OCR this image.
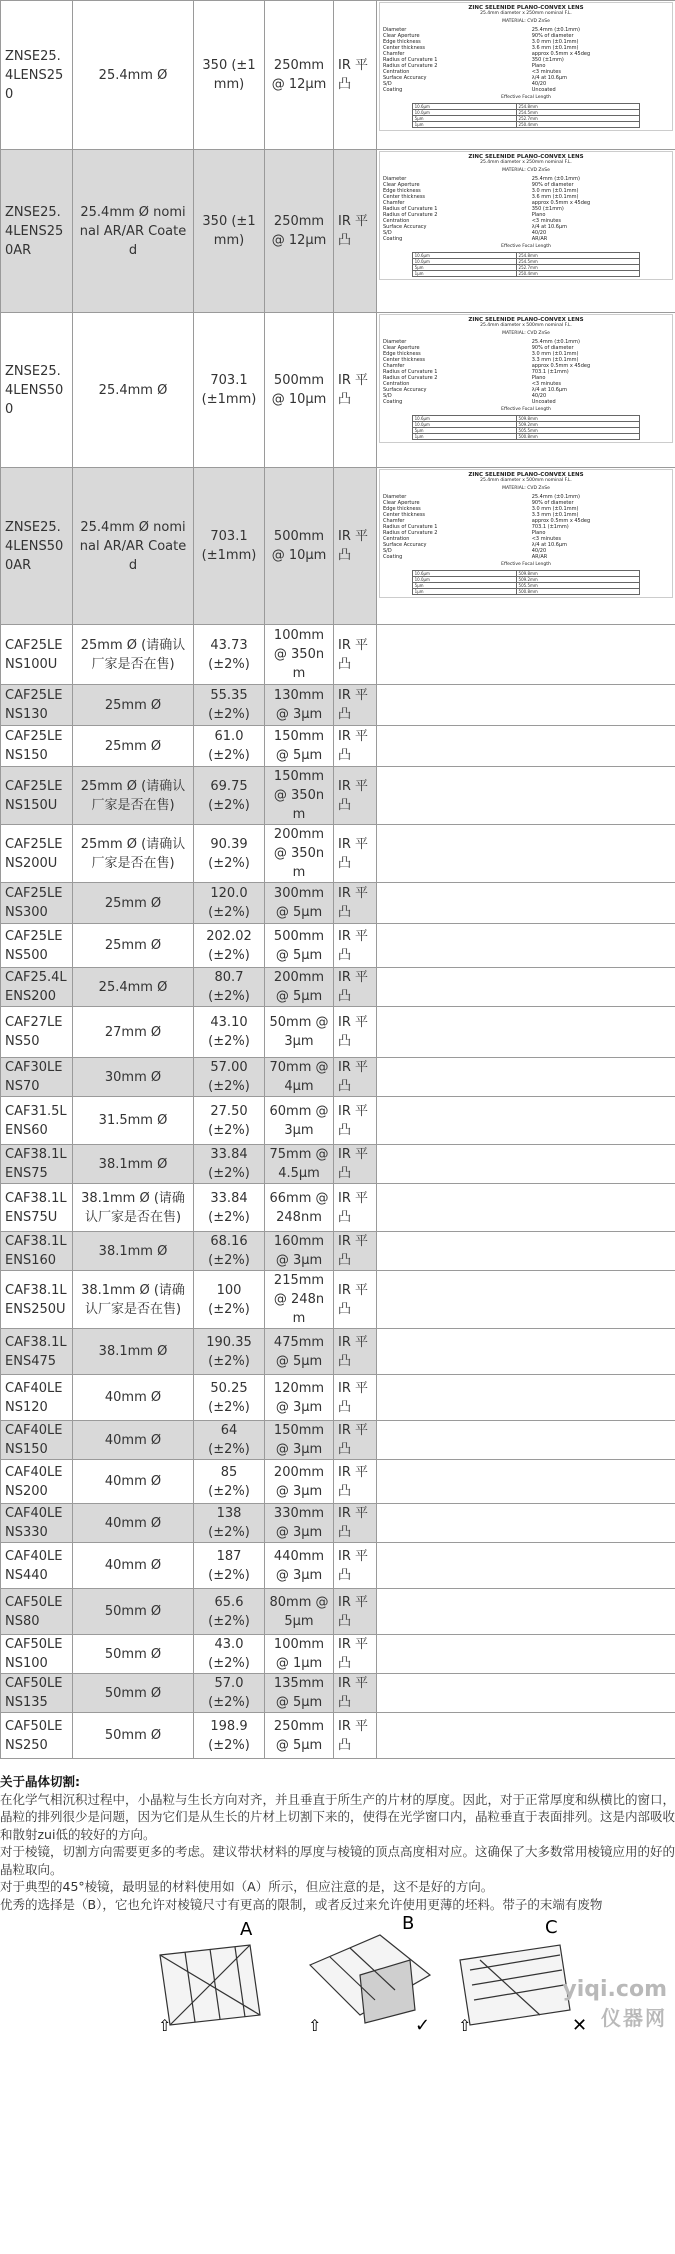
ZNSE25.4LENS250	25.4mm Ø	350 (±1mm)	250mm @ 12μm	IR 平凸	
ZINC SELENIDE PLANO-CONVEX LENS
25.4mm diameter x 250mm nominal F.L.
MATERIAL: CVD ZnSe
Diameter	25.4mm (±0.1mm)
Clear Aperture	90% of diameter
Edge thickness	3.0 mm (±0.1mm)
Center thickness	3.6 mm (±0.1mm)
Chamfer	approx 0.5mm x 45deg
Radius of Curvature 1	350 (±1mm)
Radius of Curvature 2	Plano
Centration	<3 minutes
Surface Accuracy	λ/4 at 10.6μm
S/D	40/20
Coating	Uncoated
Effective Focal Length
10.6μm	254.8mm
10.0μm	254.5mm
5μm	252.7mm
1μm	250.4mm

ZNSE25.4LENS250AR	25.4mm Ø nominal AR/AR Coated	350 (±1mm)	250mm @ 12μm	IR 平凸	
ZINC SELENIDE PLANO-CONVEX LENS
25.4mm diameter x 250mm nominal F.L.
MATERIAL: CVD ZnSe
Diameter	25.4mm (±0.1mm)
Clear Aperture	90% of diameter
Edge thickness	3.0 mm (±0.1mm)
Center thickness	3.6 mm (±0.1mm)
Chamfer	approx 0.5mm x 45deg
Radius of Curvature 1	350 (±1mm)
Radius of Curvature 2	Plano
Centration	<3 minutes
Surface Accuracy	λ/4 at 10.6μm
S/D	40/20
Coating	AR/AR
Effective Focal Length
10.6μm	254.8mm
10.0μm	254.5mm
5μm	252.7mm
1μm	250.4mm

ZNSE25.4LENS500	25.4mm Ø	703.1 (±1mm)	500mm @ 10μm	IR 平凸	
ZINC SELENIDE PLANO-CONVEX LENS
25.4mm diameter x 500mm nominal F.L.
MATERIAL: CVD ZnSe
Diameter	25.4mm (±0.1mm)
Clear Aperture	90% of diameter
Edge thickness	3.0 mm (±0.1mm)
Center thickness	3.3 mm (±0.1mm)
Chamfer	approx 0.5mm x 45deg
Radius of Curvature 1	703.1 (±1mm)
Radius of Curvature 2	Plano
Centration	<3 minutes
Surface Accuracy	λ/4 at 10.6μm
S/D	40/20
Coating	Uncoated
Effective Focal Length
10.6μm	509.8mm
10.0μm	509.2mm
5μm	505.5mm
1μm	500.8mm

ZNSE25.4LENS500AR	25.4mm Ø nominal AR/AR Coated	703.1 (±1mm)	500mm @ 10μm	IR 平凸	
ZINC SELENIDE PLANO-CONVEX LENS
25.4mm diameter x 500mm nominal F.L.
MATERIAL: CVD ZnSe
Diameter	25.4mm (±0.1mm)
Clear Aperture	90% of diameter
Edge thickness	3.0 mm (±0.1mm)
Center thickness	3.3 mm (±0.1mm)
Chamfer	approx 0.5mm x 45deg
Radius of Curvature 1	703.1 (±1mm)
Radius of Curvature 2	Plano
Centration	<3 minutes
Surface Accuracy	λ/4 at 10.6μm
S/D	40/20
Coating	AR/AR
Effective Focal Length
10.6μm	509.8mm
10.0μm	509.2mm
5μm	505.5mm
1μm	500.8mm

CAF25LENS100U	25mm Ø (请确认厂家是否在售)	43.73 (±2%)	100mm @ 350nm	IR 平凸	
CAF25LENS130	25mm Ø	55.35 (±2%)	130mm @ 3μm	IR 平凸	
CAF25LENS150	25mm Ø	61.0 (±2%)	150mm @ 5μm	IR 平凸	
CAF25LENS150U	25mm Ø (请确认厂家是否在售)	69.75 (±2%)	150mm @ 350nm	IR 平凸	
CAF25LENS200U	25mm Ø (请确认厂家是否在售)	90.39 (±2%)	200mm @ 350nm	IR 平凸	
CAF25LENS300	25mm Ø	120.0 (±2%)	300mm @ 5μm	IR 平凸	
CAF25LENS500	25mm Ø	202.02 (±2%)	500mm @ 5μm	IR 平凸	
CAF25.4LENS200	25.4mm Ø	80.7 (±2%)	200mm @ 5μm	IR 平凸	
CAF27LENS50	27mm Ø	43.10 (±2%)	50mm @ 3μm	IR 平凸	
CAF30LENS70	30mm Ø	57.00 (±2%)	70mm @ 4μm	IR 平凸	
CAF31.5LENS60	31.5mm Ø	27.50 (±2%)	60mm @ 3μm	IR 平凸	
CAF38.1LENS75	38.1mm Ø	33.84 (±2%)	75mm @ 4.5μm	IR 平凸	
CAF38.1LENS75U	38.1mm Ø (请确认厂家是否在售)	33.84 (±2%)	66mm @ 248nm	IR 平凸	
CAF38.1LENS160	38.1mm Ø	68.16 (±2%)	160mm @ 3μm	IR 平凸	
CAF38.1LENS250U	38.1mm Ø (请确认厂家是否在售)	100 (±2%)	215mm @ 248nm	IR 平凸	
CAF38.1LENS475	38.1mm Ø	190.35 (±2%)	475mm @ 5μm	IR 平凸	
CAF40LENS120	40mm Ø	50.25 (±2%)	120mm @ 3μm	IR 平凸	
CAF40LENS150	40mm Ø	64 (±2%)	150mm @ 3μm	IR 平凸	
CAF40LENS200	40mm Ø	85 (±2%)	200mm @ 3μm	IR 平凸	
CAF40LENS330	40mm Ø	138 (±2%)	330mm @ 3μm	IR 平凸	
CAF40LENS440	40mm Ø	187 (±2%)	440mm @ 3μm	IR 平凸	
CAF50LENS80	50mm Ø	65.6 (±2%)	80mm @ 5μm	IR 平凸	
CAF50LENS100	50mm Ø	43.0 (±2%)	100mm @ 1μm	IR 平凸	
CAF50LENS135	50mm Ø	57.0 (±2%)	135mm @ 5μm	IR 平凸	
CAF50LENS250	50mm Ø	198.9 (±2%)	250mm @ 5μm	IR 平凸	
关于晶体切割:
在化学气相沉积过程中，小晶粒与生长方向对齐，并且垂直于所生产的片材的厚度。因此，对于正常厚度和纵横比的窗口，晶粒的排列很少是问题，因为它们是从生长的片材上切割下来的，使得在光学窗口内，晶粒垂直于表面排列。这是内部吸收和散射zui低的较好的方向。
对于棱镜，切割方向需要更多的考虑。建议带状材料的厚度与棱镜的顶点高度相对应。这确保了大多数常用棱镜应用的好的晶粒取向。
对于典型的45°棱镜，最明显的材料使用如（A）所示，但应注意的是，这不是好的方向。
优秀的选择是（B），它也允许对棱镜尺寸有更高的限制，或者反过来允许使用更薄的坯料。带子的末端有废物
A	B	C
⇧	⇧	⇧
✓	✕
yiqi.com
仪器网
